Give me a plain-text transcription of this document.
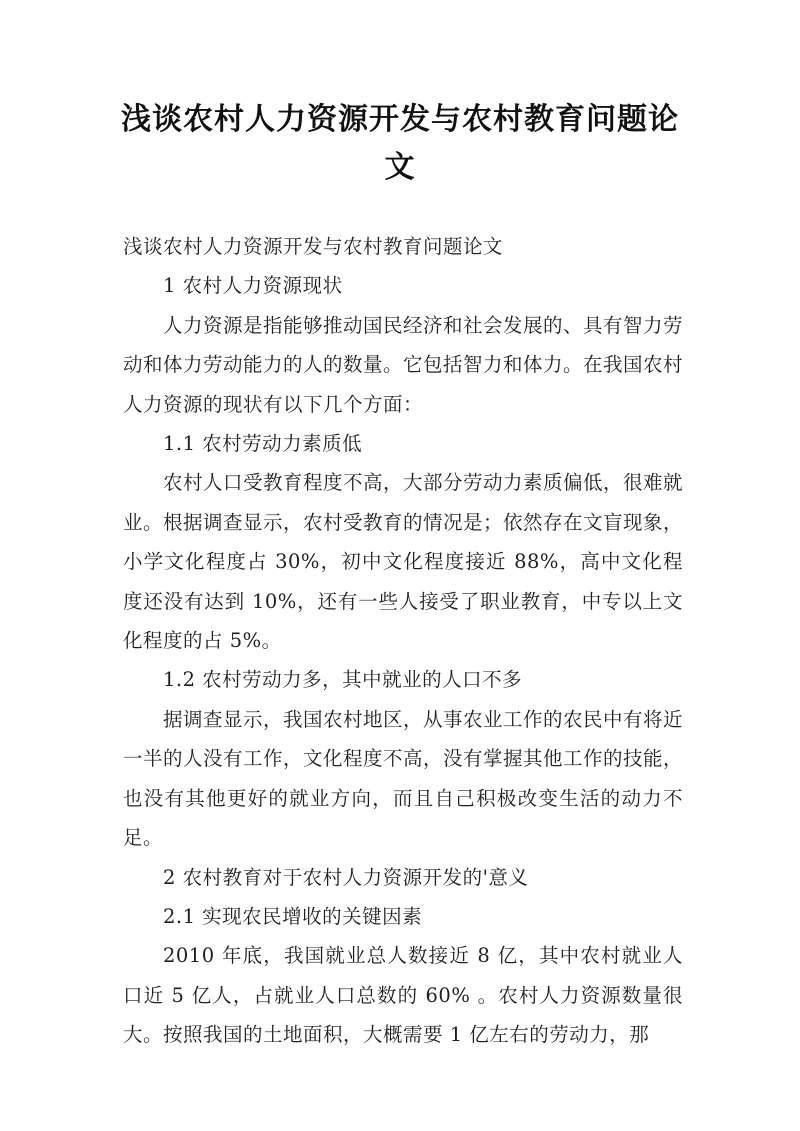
浅谈农村人力资源开发与农村教育问题论文

浅谈农村人力资源开发与农村教育问题论文

1 农村人力资源现状

人力资源是指能够推动国民经济和社会发展的、具有智力劳动和体力劳动能力的人的数量。它包括智力和体力。在我国农村人力资源的现状有以下几个方面：

1.1 农村劳动力素质低

农村人口受教育程度不高，大部分劳动力素质偏低，很难就业。根据调查显示，农村受教育的情况是；依然存在文盲现象，小学文化程度占 30%，初中文化程度接近 88%，高中文化程度还没有达到 10%，还有一些人接受了职业教育，中专以上文化程度的占 5%。

1.2 农村劳动力多，其中就业的人口不多

据调查显示，我国农村地区，从事农业工作的农民中有将近一半的人没有工作，文化程度不高，没有掌握其他工作的技能，也没有其他更好的就业方向，而且自己积极改变生活的动力不足。

2 农村教育对于农村人力资源开发的'意义

2.1 实现农民增收的关键因素

2010 年底，我国就业总人数接近 8 亿，其中农村就业人口近 5 亿人，占就业人口总数的 60% 。农村人力资源数量很大。按照我国的土地面积，大概需要 1 亿左右的劳动力，那
